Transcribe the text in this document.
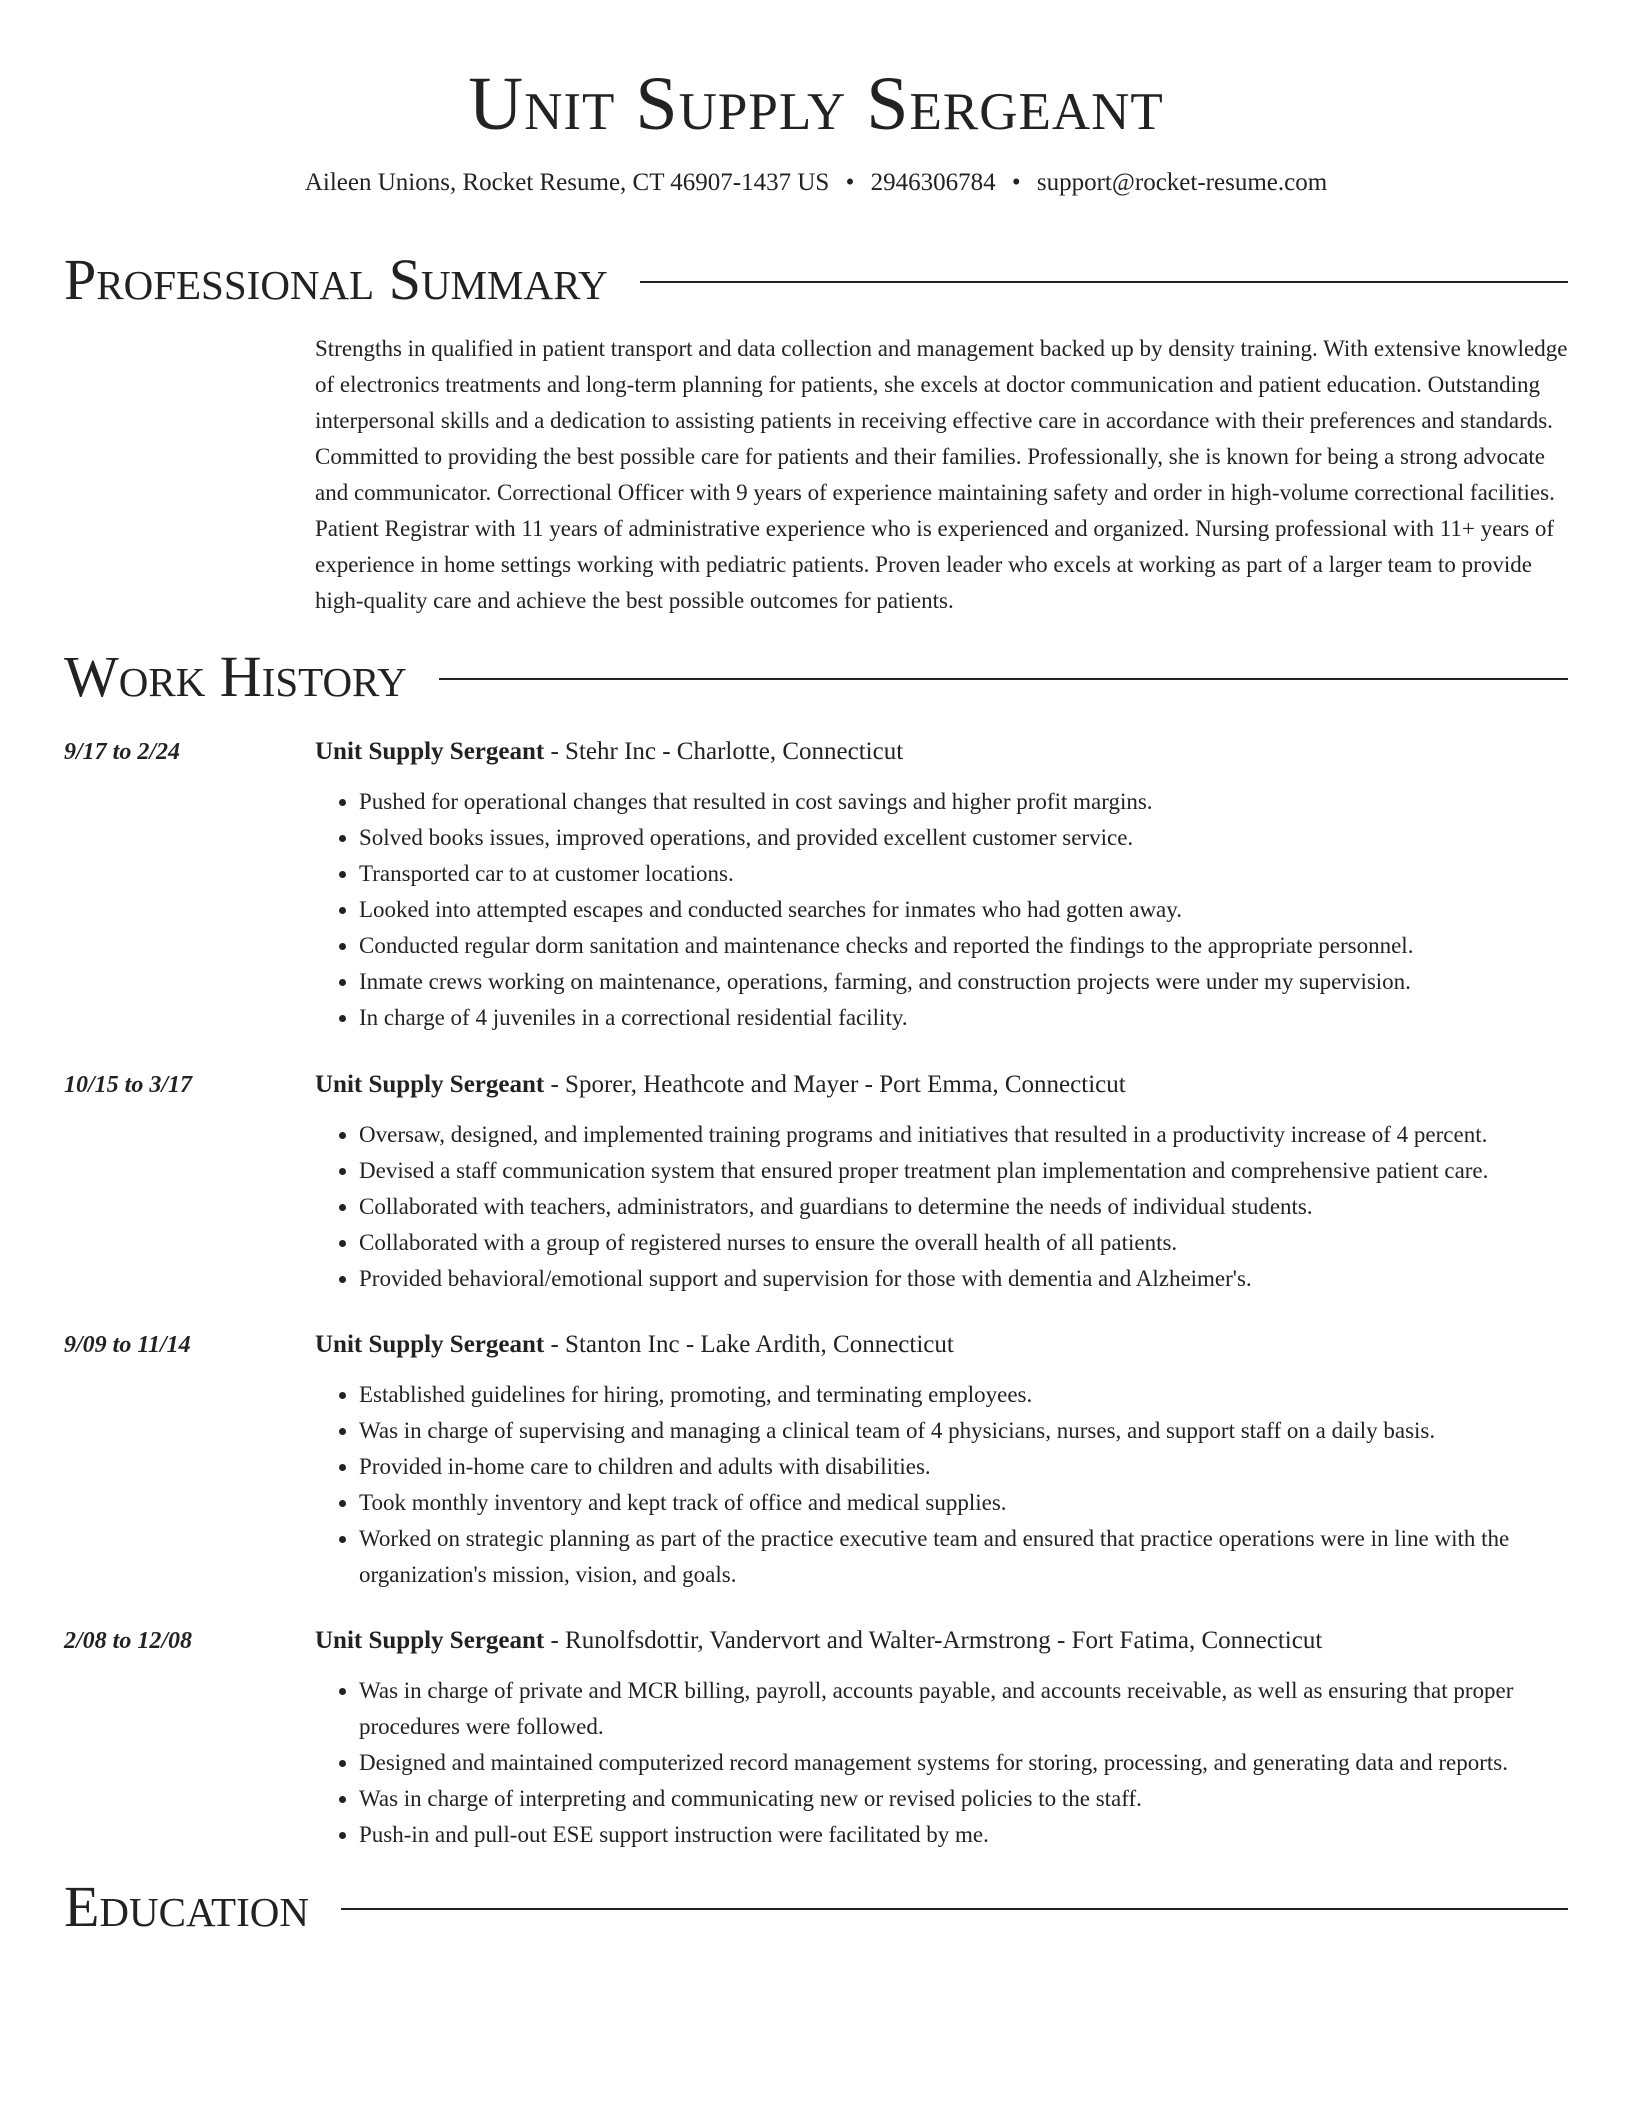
Unit Supply Sergeant
Aileen Unions, Rocket Resume, CT 46907-1437 US • 2946306784 • support@rocket-resume.com
Professional Summary
Strengths in qualified in patient transport and data collection and management backed up by density training. With extensive knowledge of electronics treatments and long-term planning for patients, she excels at doctor communication and patient education. Outstanding interpersonal skills and a dedication to assisting patients in receiving effective care in accordance with their preferences and standards. Committed to providing the best possible care for patients and their families. Professionally, she is known for being a strong advocate and communicator. Correctional Officer with 9 years of experience maintaining safety and order in high-volume correctional facilities. Patient Registrar with 11 years of administrative experience who is experienced and organized. Nursing professional with 11+ years of experience in home settings working with pediatric patients. Proven leader who excels at working as part of a larger team to provide high-quality care and achieve the best possible outcomes for patients.
Work History
9/17 to 2/24	Unit Supply Sergeant - Stehr Inc - Charlotte, Connecticut
• Pushed for operational changes that resulted in cost savings and higher profit margins.
• Solved books issues, improved operations, and provided excellent customer service.
• Transported car to at customer locations.
• Looked into attempted escapes and conducted searches for inmates who had gotten away.
• Conducted regular dorm sanitation and maintenance checks and reported the findings to the appropriate personnel.
• Inmate crews working on maintenance, operations, farming, and construction projects were under my supervision.
• In charge of 4 juveniles in a correctional residential facility.
10/15 to 3/17	Unit Supply Sergeant - Sporer, Heathcote and Mayer - Port Emma, Connecticut
• Oversaw, designed, and implemented training programs and initiatives that resulted in a productivity increase of 4 percent.
• Devised a staff communication system that ensured proper treatment plan implementation and comprehensive patient care.
• Collaborated with teachers, administrators, and guardians to determine the needs of individual students.
• Collaborated with a group of registered nurses to ensure the overall health of all patients.
• Provided behavioral/emotional support and supervision for those with dementia and Alzheimer's.
9/09 to 11/14	Unit Supply Sergeant - Stanton Inc - Lake Ardith, Connecticut
• Established guidelines for hiring, promoting, and terminating employees.
• Was in charge of supervising and managing a clinical team of 4 physicians, nurses, and support staff on a daily basis.
• Provided in-home care to children and adults with disabilities.
• Took monthly inventory and kept track of office and medical supplies.
• Worked on strategic planning as part of the practice executive team and ensured that practice operations were in line with the organization's mission, vision, and goals.
2/08 to 12/08	Unit Supply Sergeant - Runolfsdottir, Vandervort and Walter-Armstrong - Fort Fatima, Connecticut
• Was in charge of private and MCR billing, payroll, accounts payable, and accounts receivable, as well as ensuring that proper procedures were followed.
• Designed and maintained computerized record management systems for storing, processing, and generating data and reports.
• Was in charge of interpreting and communicating new or revised policies to the staff.
• Push-in and pull-out ESE support instruction were facilitated by me.
Education
